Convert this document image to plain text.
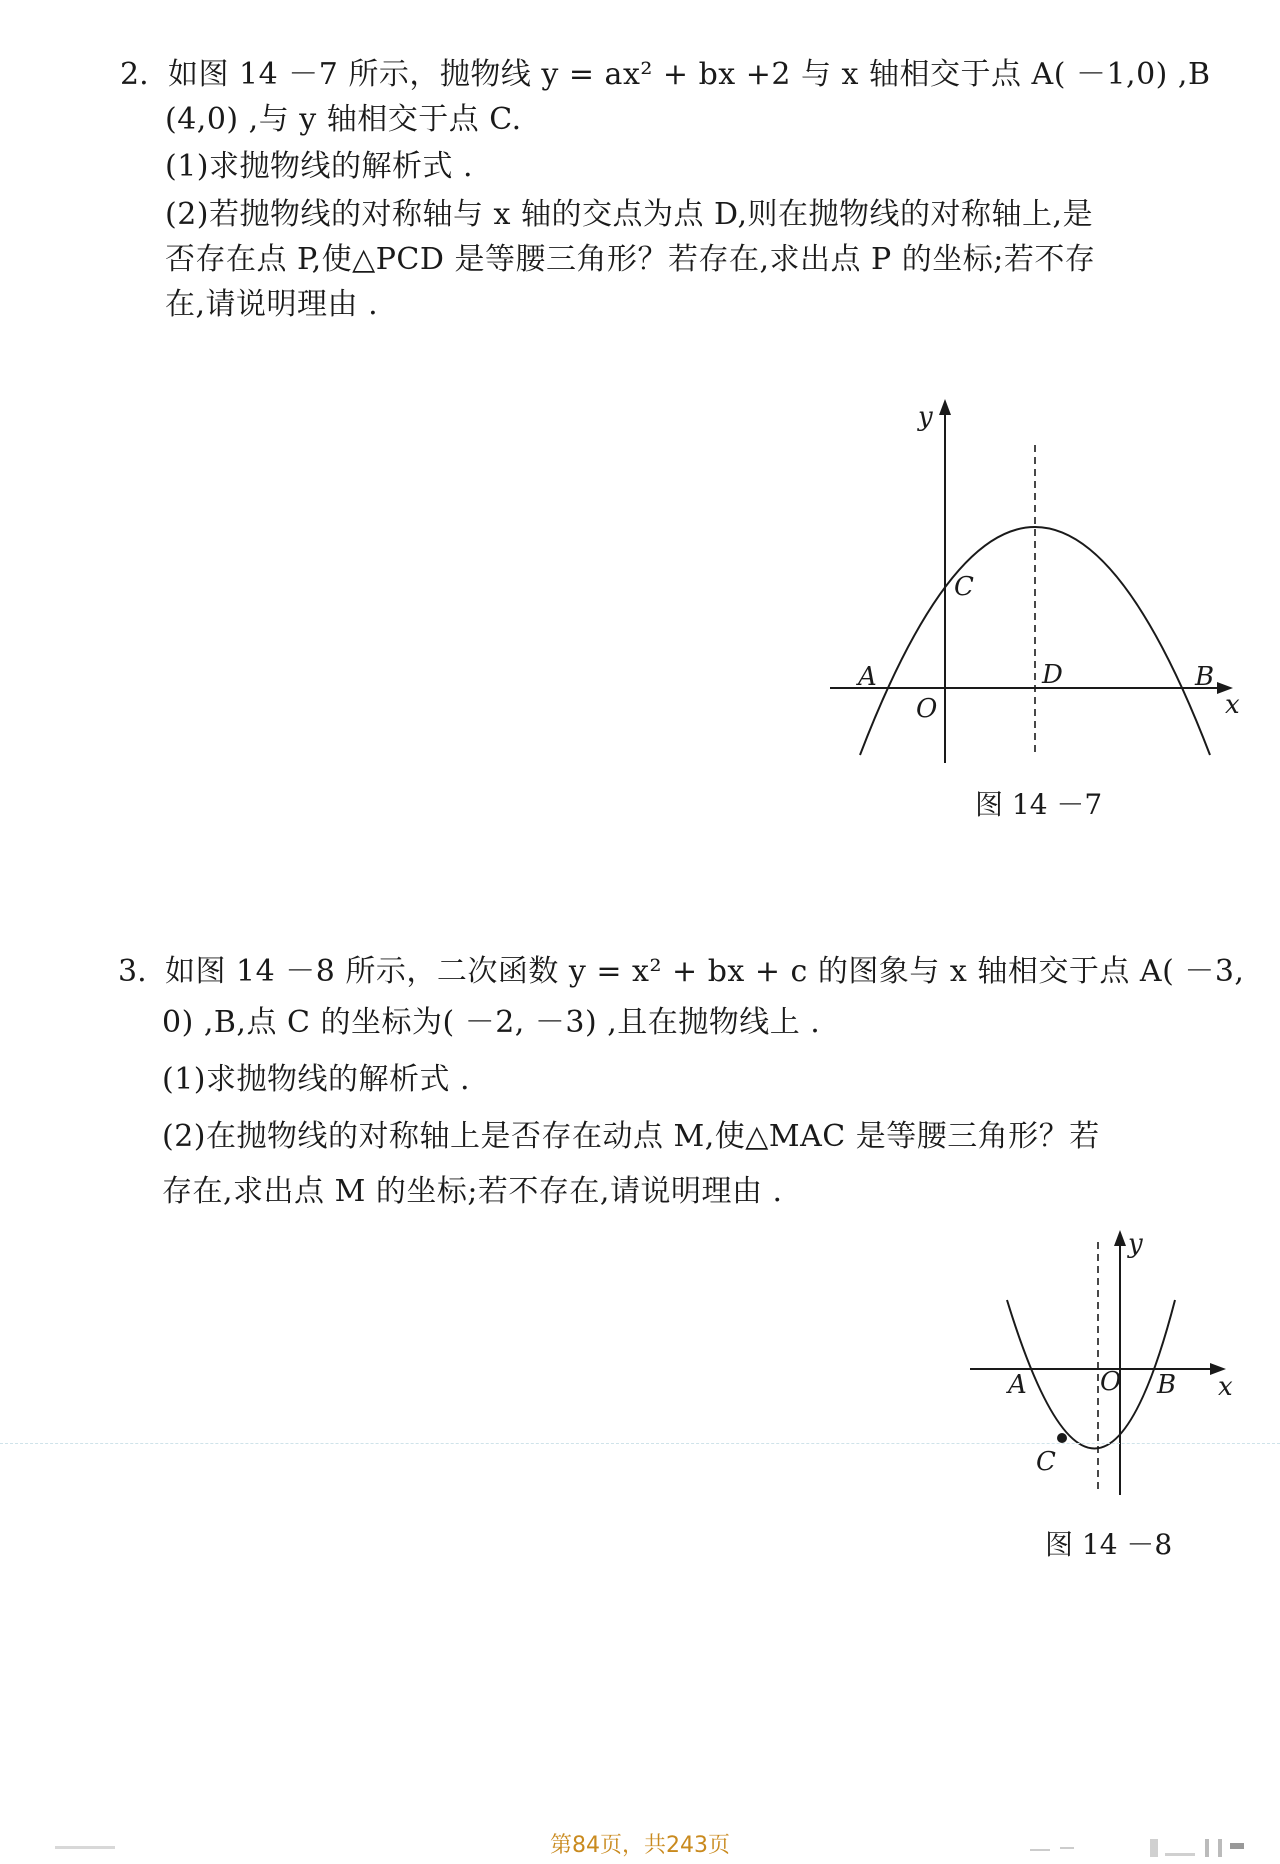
2. 如图 14 －7 所示，抛物线 y = ax² + bx +2 与 x 轴相交于点 A( －1,0) ,B
(4,0) ,与 y 轴相交于点 C.
(1)求抛物线的解析式 .
(2)若抛物线的对称轴与 x 轴的交点为点 D,则在抛物线的对称轴上,是
否存在点 P,使△PCD 是等腰三角形？若存在,求出点 P 的坐标;若不存
在,请说明理由 .
y
x
C
A
O
D	B
图 14 －7
3. 如图 14 －8 所示，二次函数 y = x² + bx + c 的图象与 x 轴相交于点 A( －3,
0) ,B,点 C 的坐标为( －2, －3) ,且在抛物线上 .
(1)求抛物线的解析式 .
(2)在抛物线的对称轴上是否存在动点 M,使△MAC 是等腰三角形？若
存在,求出点 M 的坐标;若不存在,请说明理由 .
y
x
A	O B
C
图 14 －8
第84页，共243页
